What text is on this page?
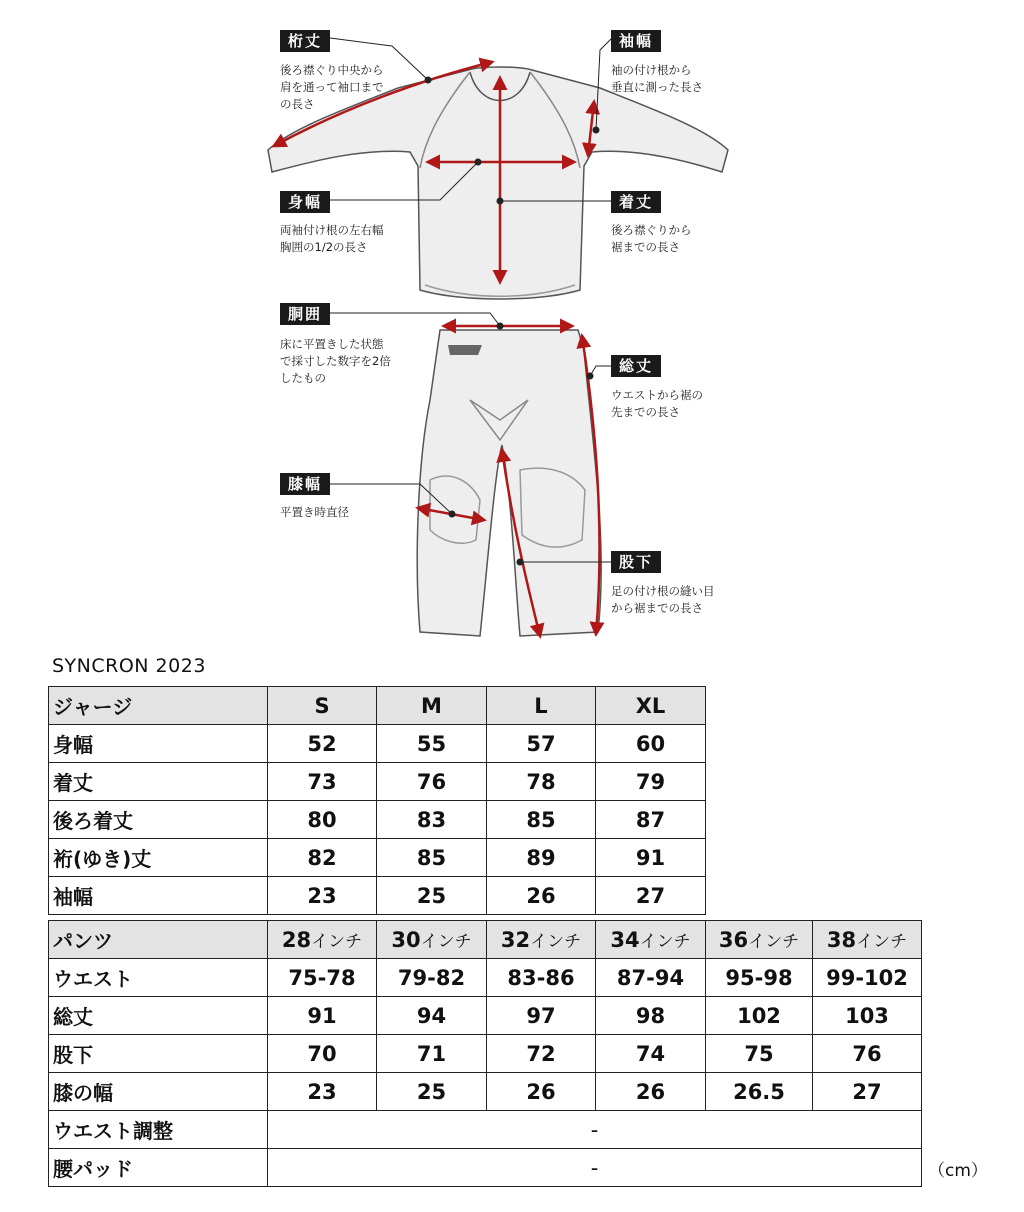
桁丈
後ろ襟ぐり中央から
肩を通って袖口まで
の長さ
袖幅
袖の付け根から
垂直に測った長さ
身幅
両袖付け根の左右幅
胸囲の1/2の長さ
着丈
後ろ襟ぐりから
裾までの長さ
胴囲
床に平置きした状態
で採寸した数字を2倍
したもの
総丈
ウエストから裾の
先までの長さ
膝幅
平置き時直径
股下
足の付け根の縫い目
から裾までの長さ
SYNCRON 2023
ジャージ	S	M	L	XL
身幅	52	55	57	60
着丈	73	76	78	79
後ろ着丈	80	83	85	87
裄(ゆき)丈	82	85	89	91
袖幅	23	25	26	27
パンツ	28インチ	30インチ	32インチ	34インチ	36インチ	38インチ
ウエスト	75-78	79-82	83-86	87-94	95-98	99-102
総丈	91	94	97	98	102	103
股下	70	71	72	74	75	76
膝の幅	23	25	26	26	26.5	27
ウエスト調整	-					
腰パッド	-						（cm）
